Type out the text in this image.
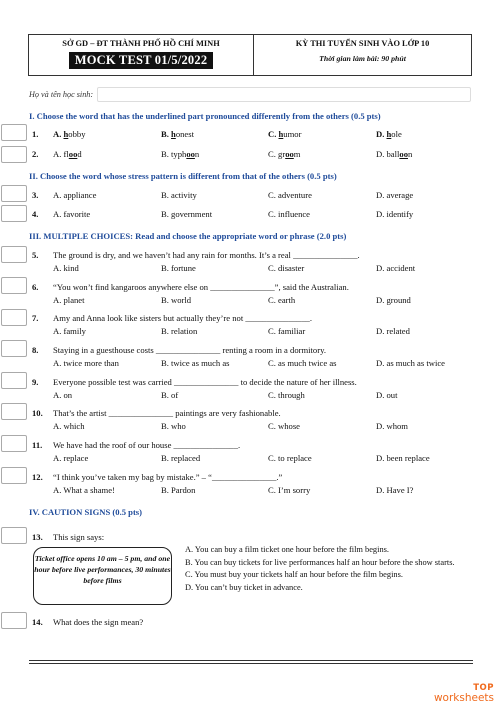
SỞ GD – ĐT THÀNH PHỐ HỒ CHÍ MINH
MOCK TEST 01/5/2022
KỲ THI TUYỂN SINH VÀO LỚP 10
Thời gian làm bài: 90 phút
Họ và tên học sinh:
I. Choose the word that has the underlined part pronounced differently from the others (0.5 pts)
1. A. hobby	B. honest	C. humor	D. hole
2. A. flood	B. typhoon	C. groom	D. balloon
II. Choose the word whose stress pattern is different from that of the others (0.5 pts)
3. A. appliance	B. activity	C. adventure	D. average
4. A. favorite	B. government	C. influence	D. identify
III. MULTIPLE CHOICES: Read and choose the appropriate word or phrase (2.0 pts)
5. The ground is dry, and we haven’t had any rain for months. It’s a real _______________.
A. kind	B. fortune	C. disaster	D. accident
6. “You won’t find kangaroos anywhere else on _______________”, said the Australian.
A. planet	B. world	C. earth	D. ground
7. Amy and Anna look like sisters but actually they’re not _______________.
A. family	B. relation	C. familiar	D. related
8. Staying in a guesthouse costs _______________ renting a room in a dormitory.
A. twice more than	B. twice as much as	C. as much twice as	D. as much as twice
9. Everyone possible test was carried _______________ to decide the nature of her illness.
A. on	B. of	C. through	D. out
10. That’s the artist _______________ paintings are very fashionable.
A. which	B. who	C. whose	D. whom
11. We have had the roof of our house _______________.
A. replace	B. replaced	C. to replace	D. been replace
12. “I think you’ve taken my bag by mistake.” – “_______________.”
A. What a shame!	B. Pardon	C. I’m sorry	D. Have I?
IV. CAUTION SIGNS (0.5 pts)
13. This sign says:
Ticket office opens 10 am – 5 pm, and one hour before live performances, 30 minutes before films
A. You can buy a film ticket one hour before the film begins.
B. You can buy tickets for live performances half an hour before the show starts.
C. You must buy your tickets half an hour before the film begins.
D. You can’t buy ticket in advance.
14. What does the sign mean?
TOP
worksheets
